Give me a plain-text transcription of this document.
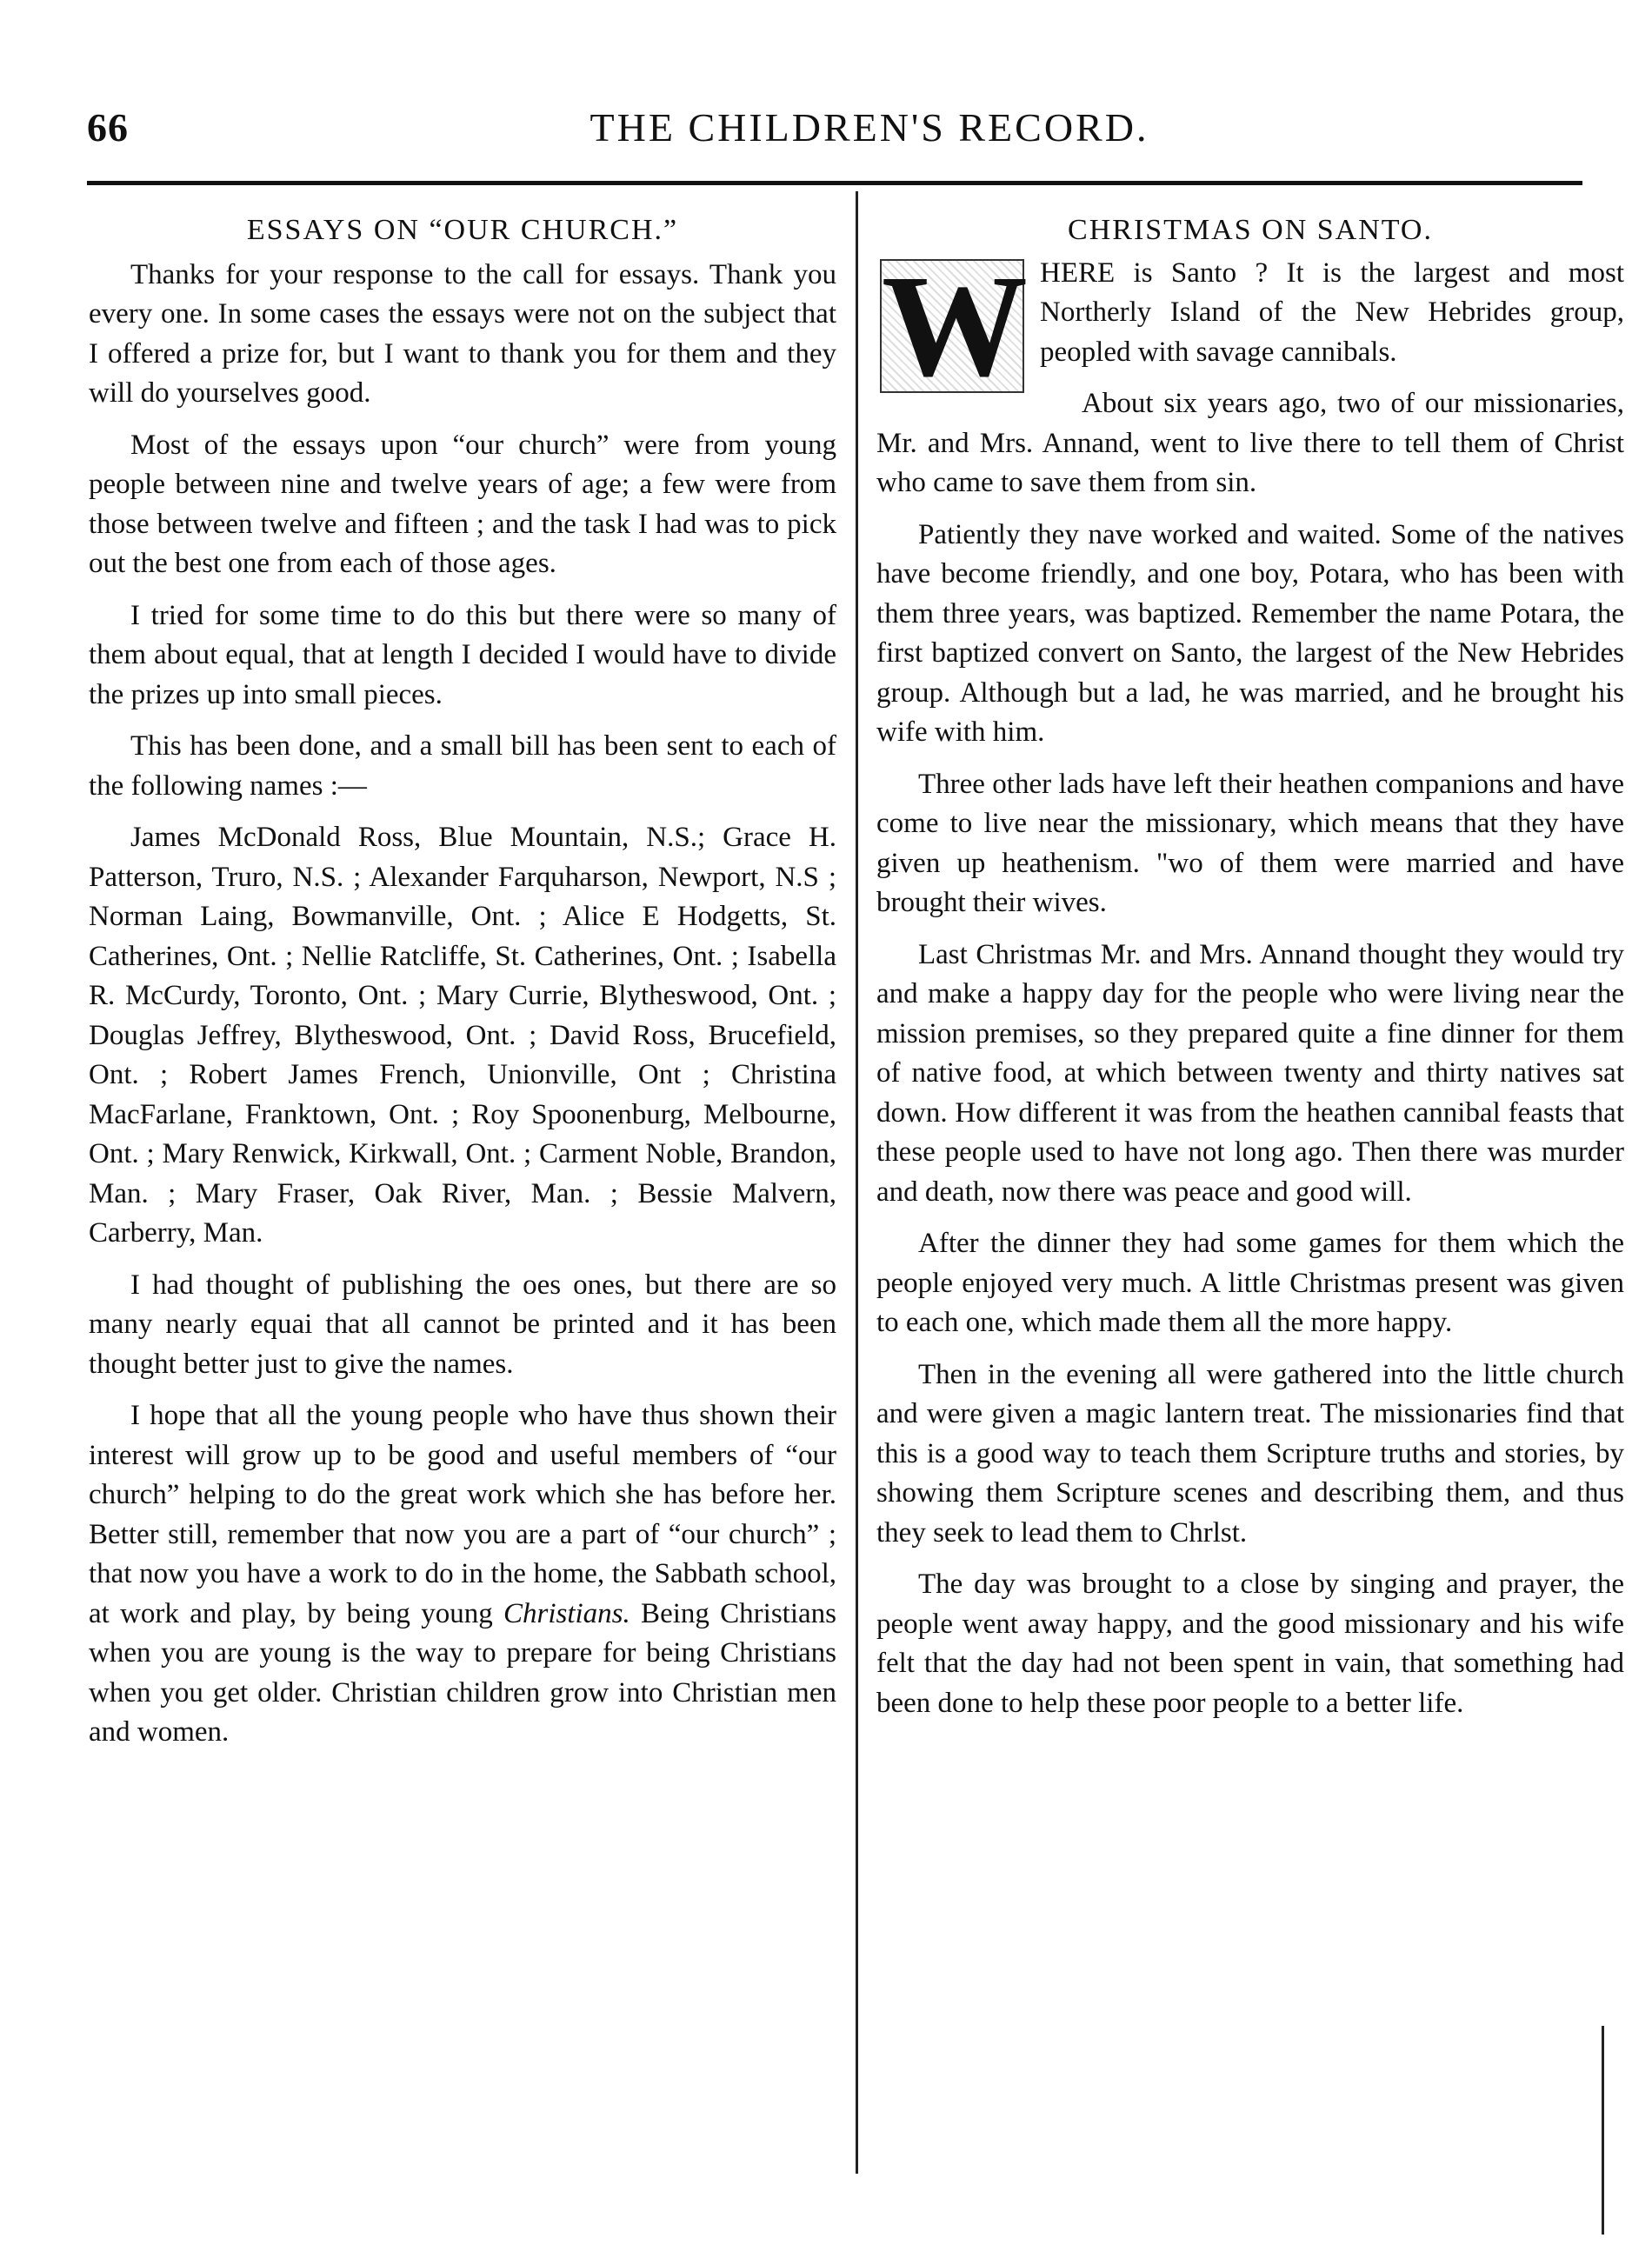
66	THE CHILDREN'S RECORD.
ESSAYS ON “OUR CHURCH.”

Thanks for your response to the call for essays. Thank you every one. In some cases the essays were not on the subject that I offered a prize for, but I want to thank you for them and they will do yourselves good.

Most of the essays upon “our church” were from young people between nine and twelve years of age; a few were from those between twelve and fifteen ; and the task I had was to pick out the best one from each of those ages.

I tried for some time to do this but there were so many of them about equal, that at length I decided I would have to divide the prizes up into small pieces.

This has been done, and a small bill has been sent to each of the following names :—

James McDonald Ross, Blue Mountain, N.S.; Grace H. Patterson, Truro, N.S. ; Alexander Farquharson, Newport, N.S ; Norman Laing, Bowmanville, Ont. ; Alice E Hodgetts, St. Catherines, Ont. ; Nellie Ratcliffe, St. Catherines, Ont. ; Isabella R. McCurdy, Toronto, Ont. ; Mary Currie, Blytheswood, Ont. ; Douglas Jeffrey, Blytheswood, Ont. ; David Ross, Brucefield, Ont. ; Robert James French, Unionville, Ont ; Christina MacFarlane, Franktown, Ont. ; Roy Spoonenburg, Melbourne, Ont. ; Mary Renwick, Kirkwall, Ont. ; Carment Noble, Brandon, Man. ; Mary Fraser, Oak River, Man. ; Bessie Malvern, Carberry, Man.

I had thought of publishing the oes ones, but there are so many nearly equai that all cannot be printed and it has been thought better just to give the names.

I hope that all the young people who have thus shown their interest will grow up to be good and useful members of “our church” helping to do the great work which she has before her. Better still, remember that now you are a part of “our church” ; that now you have a work to do in the home, the Sabbath school, at work and play, by being young Christians. Being Christians when you are young is the way to prepare for being Christians when you get older. Christian children grow into Christian men and women.

CHRISTMAS ON SANTO.

W HERE is Santo ? It is the largest and most Northerly Island of the New Hebrides group, peopled with savage cannibals.

About six years ago, two of our missionaries, Mr. and Mrs. Annand, went to live there to tell them of Christ who came to save them from sin.

Patiently they nave worked and waited. Some of the natives have become friendly, and one boy, Potara, who has been with them three years, was baptized. Remember the name Potara, the first baptized convert on Santo, the largest of the New Hebrides group. Although but a lad, he was married, and he brought his wife with him.

Three other lads have left their heathen companions and have come to live near the missionary, which means that they have given up heathenism. "wo of them were married and have brought their wives.

Last Christmas Mr. and Mrs. Annand thought they would try and make a happy day for the people who were living near the mission premises, so they prepared quite a fine dinner for them of native food, at which between twenty and thirty natives sat down. How different it was from the heathen cannibal feasts that these people used to have not long ago. Then there was murder and death, now there was peace and good will.

After the dinner they had some games for them which the people enjoyed very much. A little Christmas present was given to each one, which made them all the more happy.

Then in the evening all were gathered into the little church and were given a magic lantern treat. The missionaries find that this is a good way to teach them Scripture truths and stories, by showing them Scripture scenes and describing them, and thus they seek to lead them to Chrlst.

The day was brought to a close by singing and prayer, the people went away happy, and the good missionary and his wife felt that the day had not been spent in vain, that something had been done to help these poor people to a better life.
